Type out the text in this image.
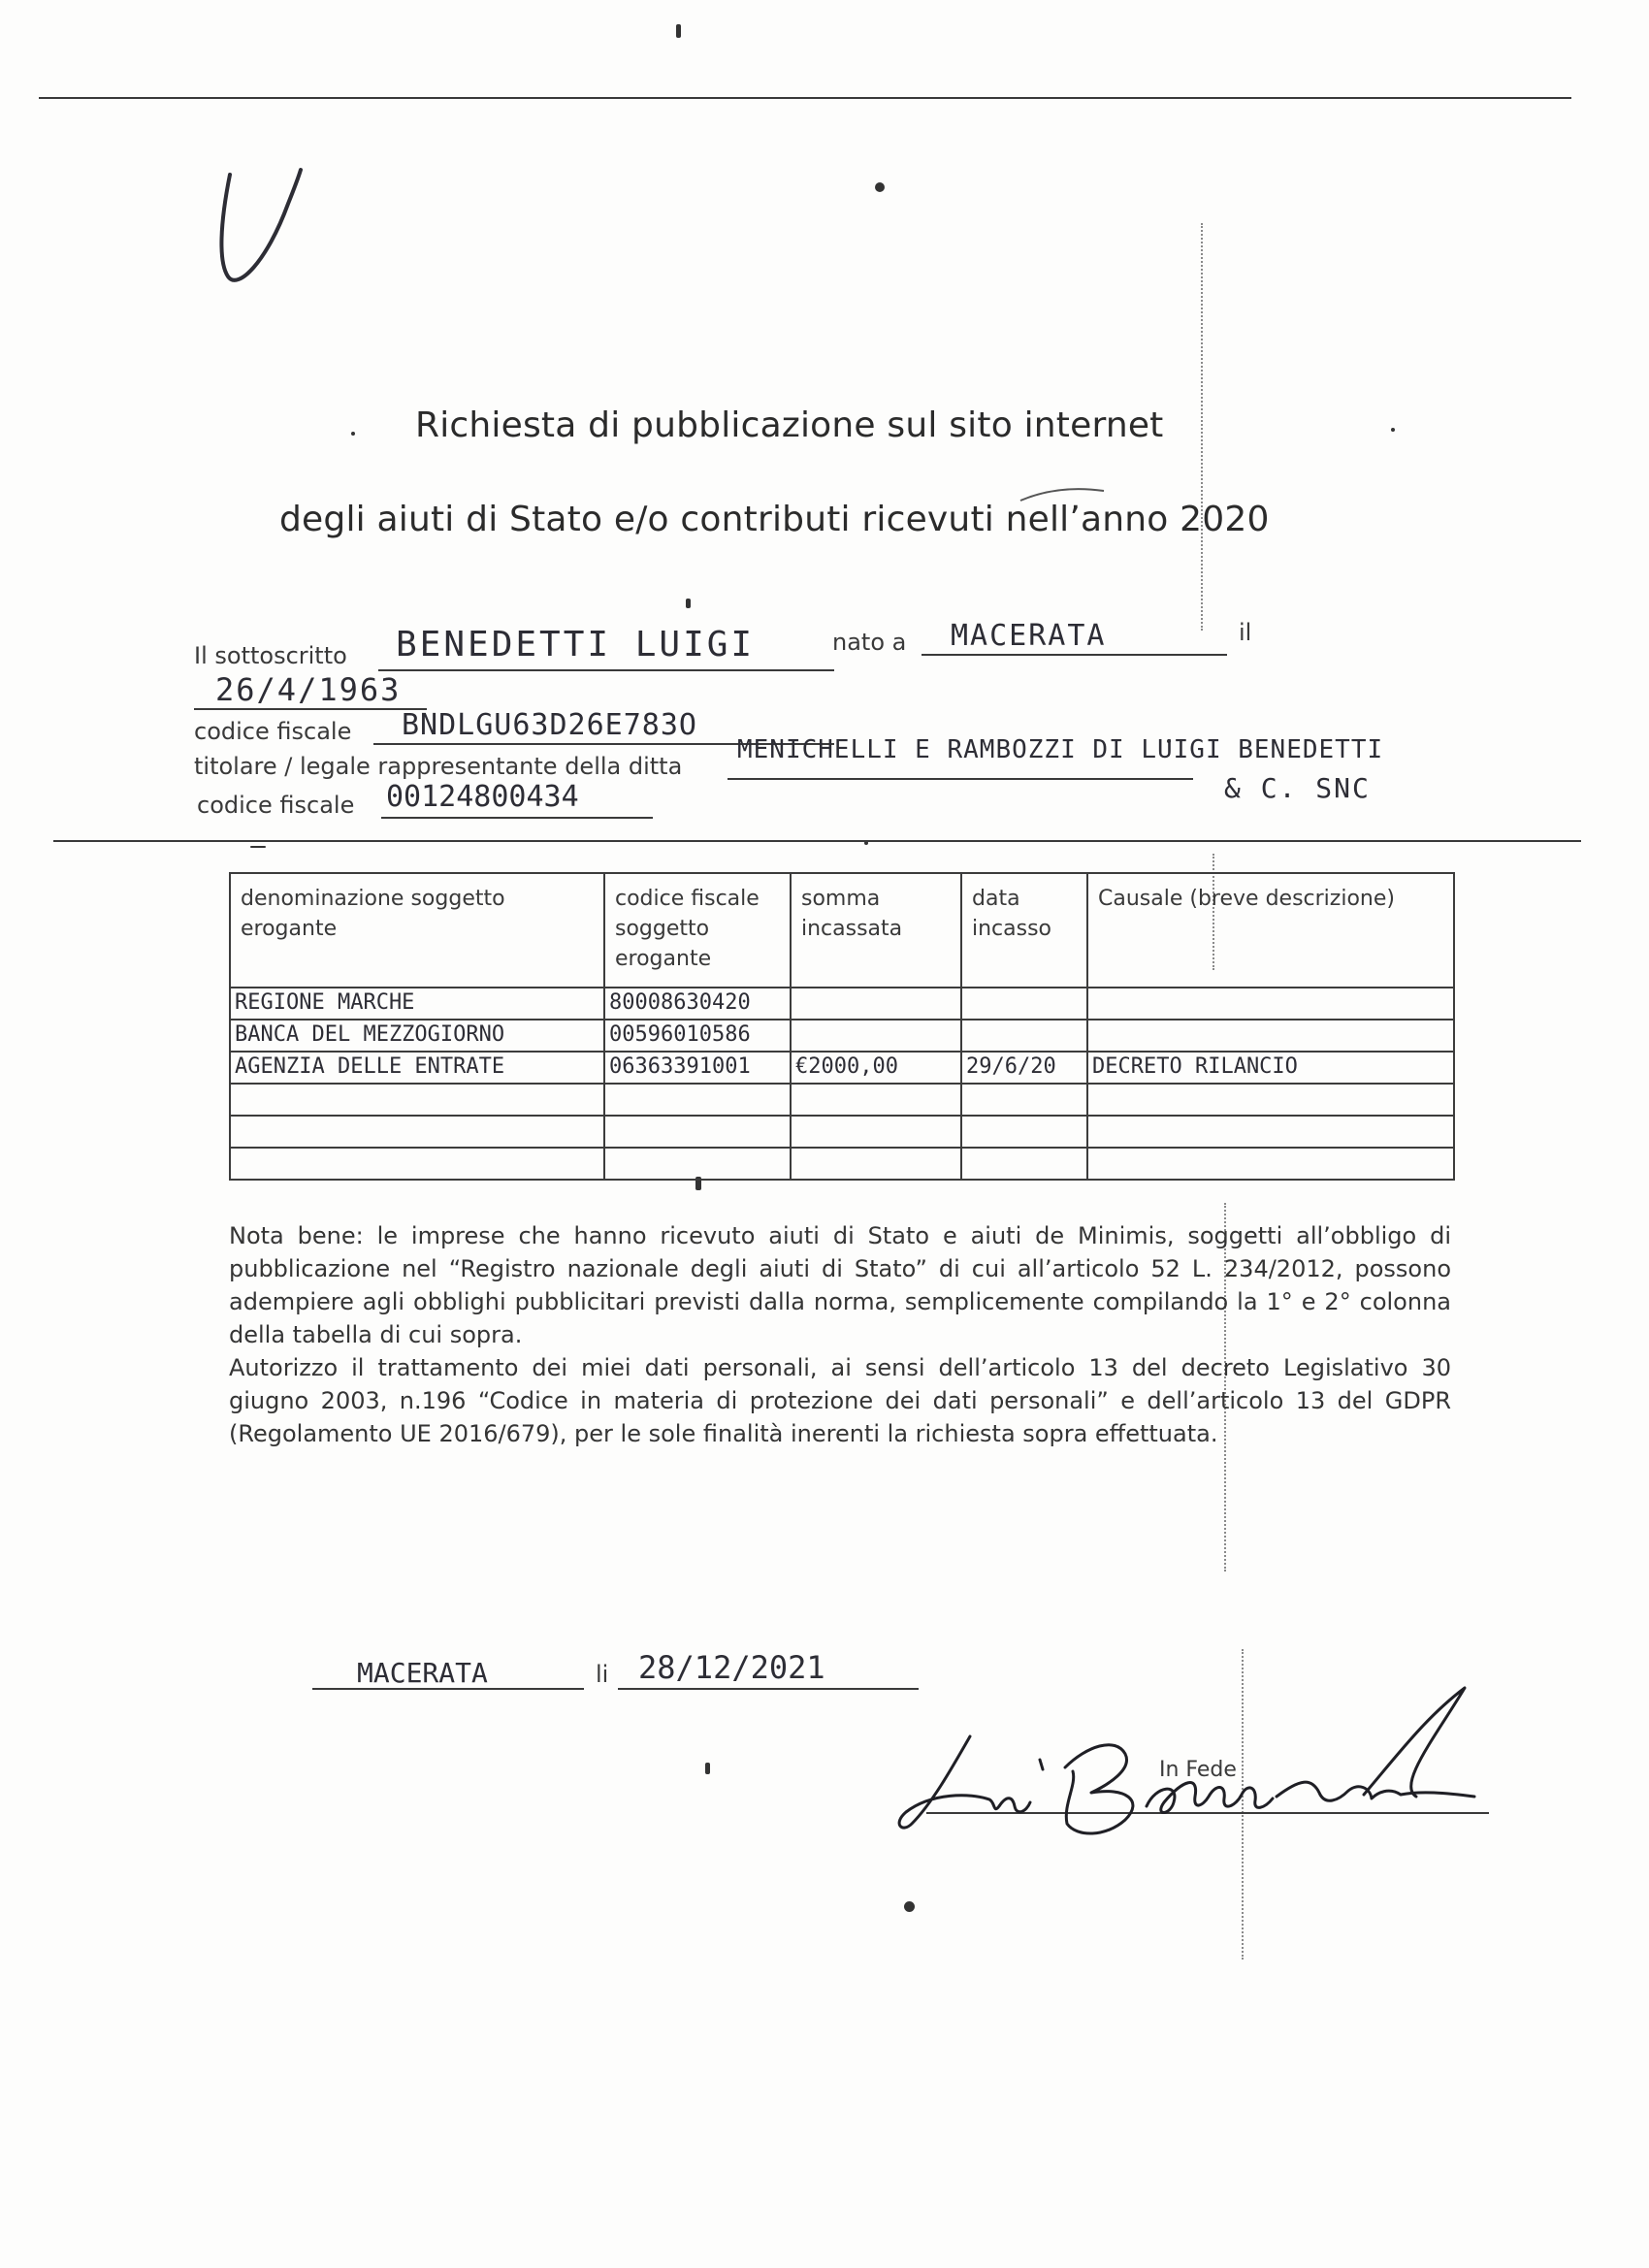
Richiesta di pubblicazione sul sito internet
degli aiuti di Stato e/o contributi ricevuti nell’anno 2020
Il sottoscritto BENEDETTI LUIGI	nato a MACERATA	il
26/4/1963
codice fiscale BNDLGU63D26E783O
titolare / legale rappresentante della ditta
MENICHELLI E RAMBOZZI DI LUIGI BENEDETTI
& C. SNC
codice fiscale 00124800434
denominazione soggetto erogante	codice fiscale soggetto erogante	somma incassata	data incasso	Causale (breve descrizione)
REGIONE MARCHE	80008630420			
BANCA DEL MEZZOGIORNO	00596010586			
AGENZIA DELLE ENTRATE	06363391001	€2000,00	29/6/20	DECRETO RILANCIO

Nota bene: le imprese che hanno ricevuto aiuti di Stato e aiuti de Minimis, soggetti all’obbligo di pubblicazione nel “Registro nazionale degli aiuti di Stato” di cui all’articolo 52 L. 234/2012, possono adempiere agli obblighi pubblicitari previsti dalla norma, semplicemente compilando la 1° e 2° colonna della tabella di cui sopra.

Autorizzo il trattamento dei miei dati personali, ai sensi dell’articolo 13 del decreto Legislativo 30 giugno 2003, n.196 “Codice in materia di protezione dei dati personali” e dell’articolo 13 del GDPR (Regolamento UE 2016/679), per le sole finalità inerenti la richiesta sopra effettuata.

MACERATA	li 28/12/2021
In Fede
